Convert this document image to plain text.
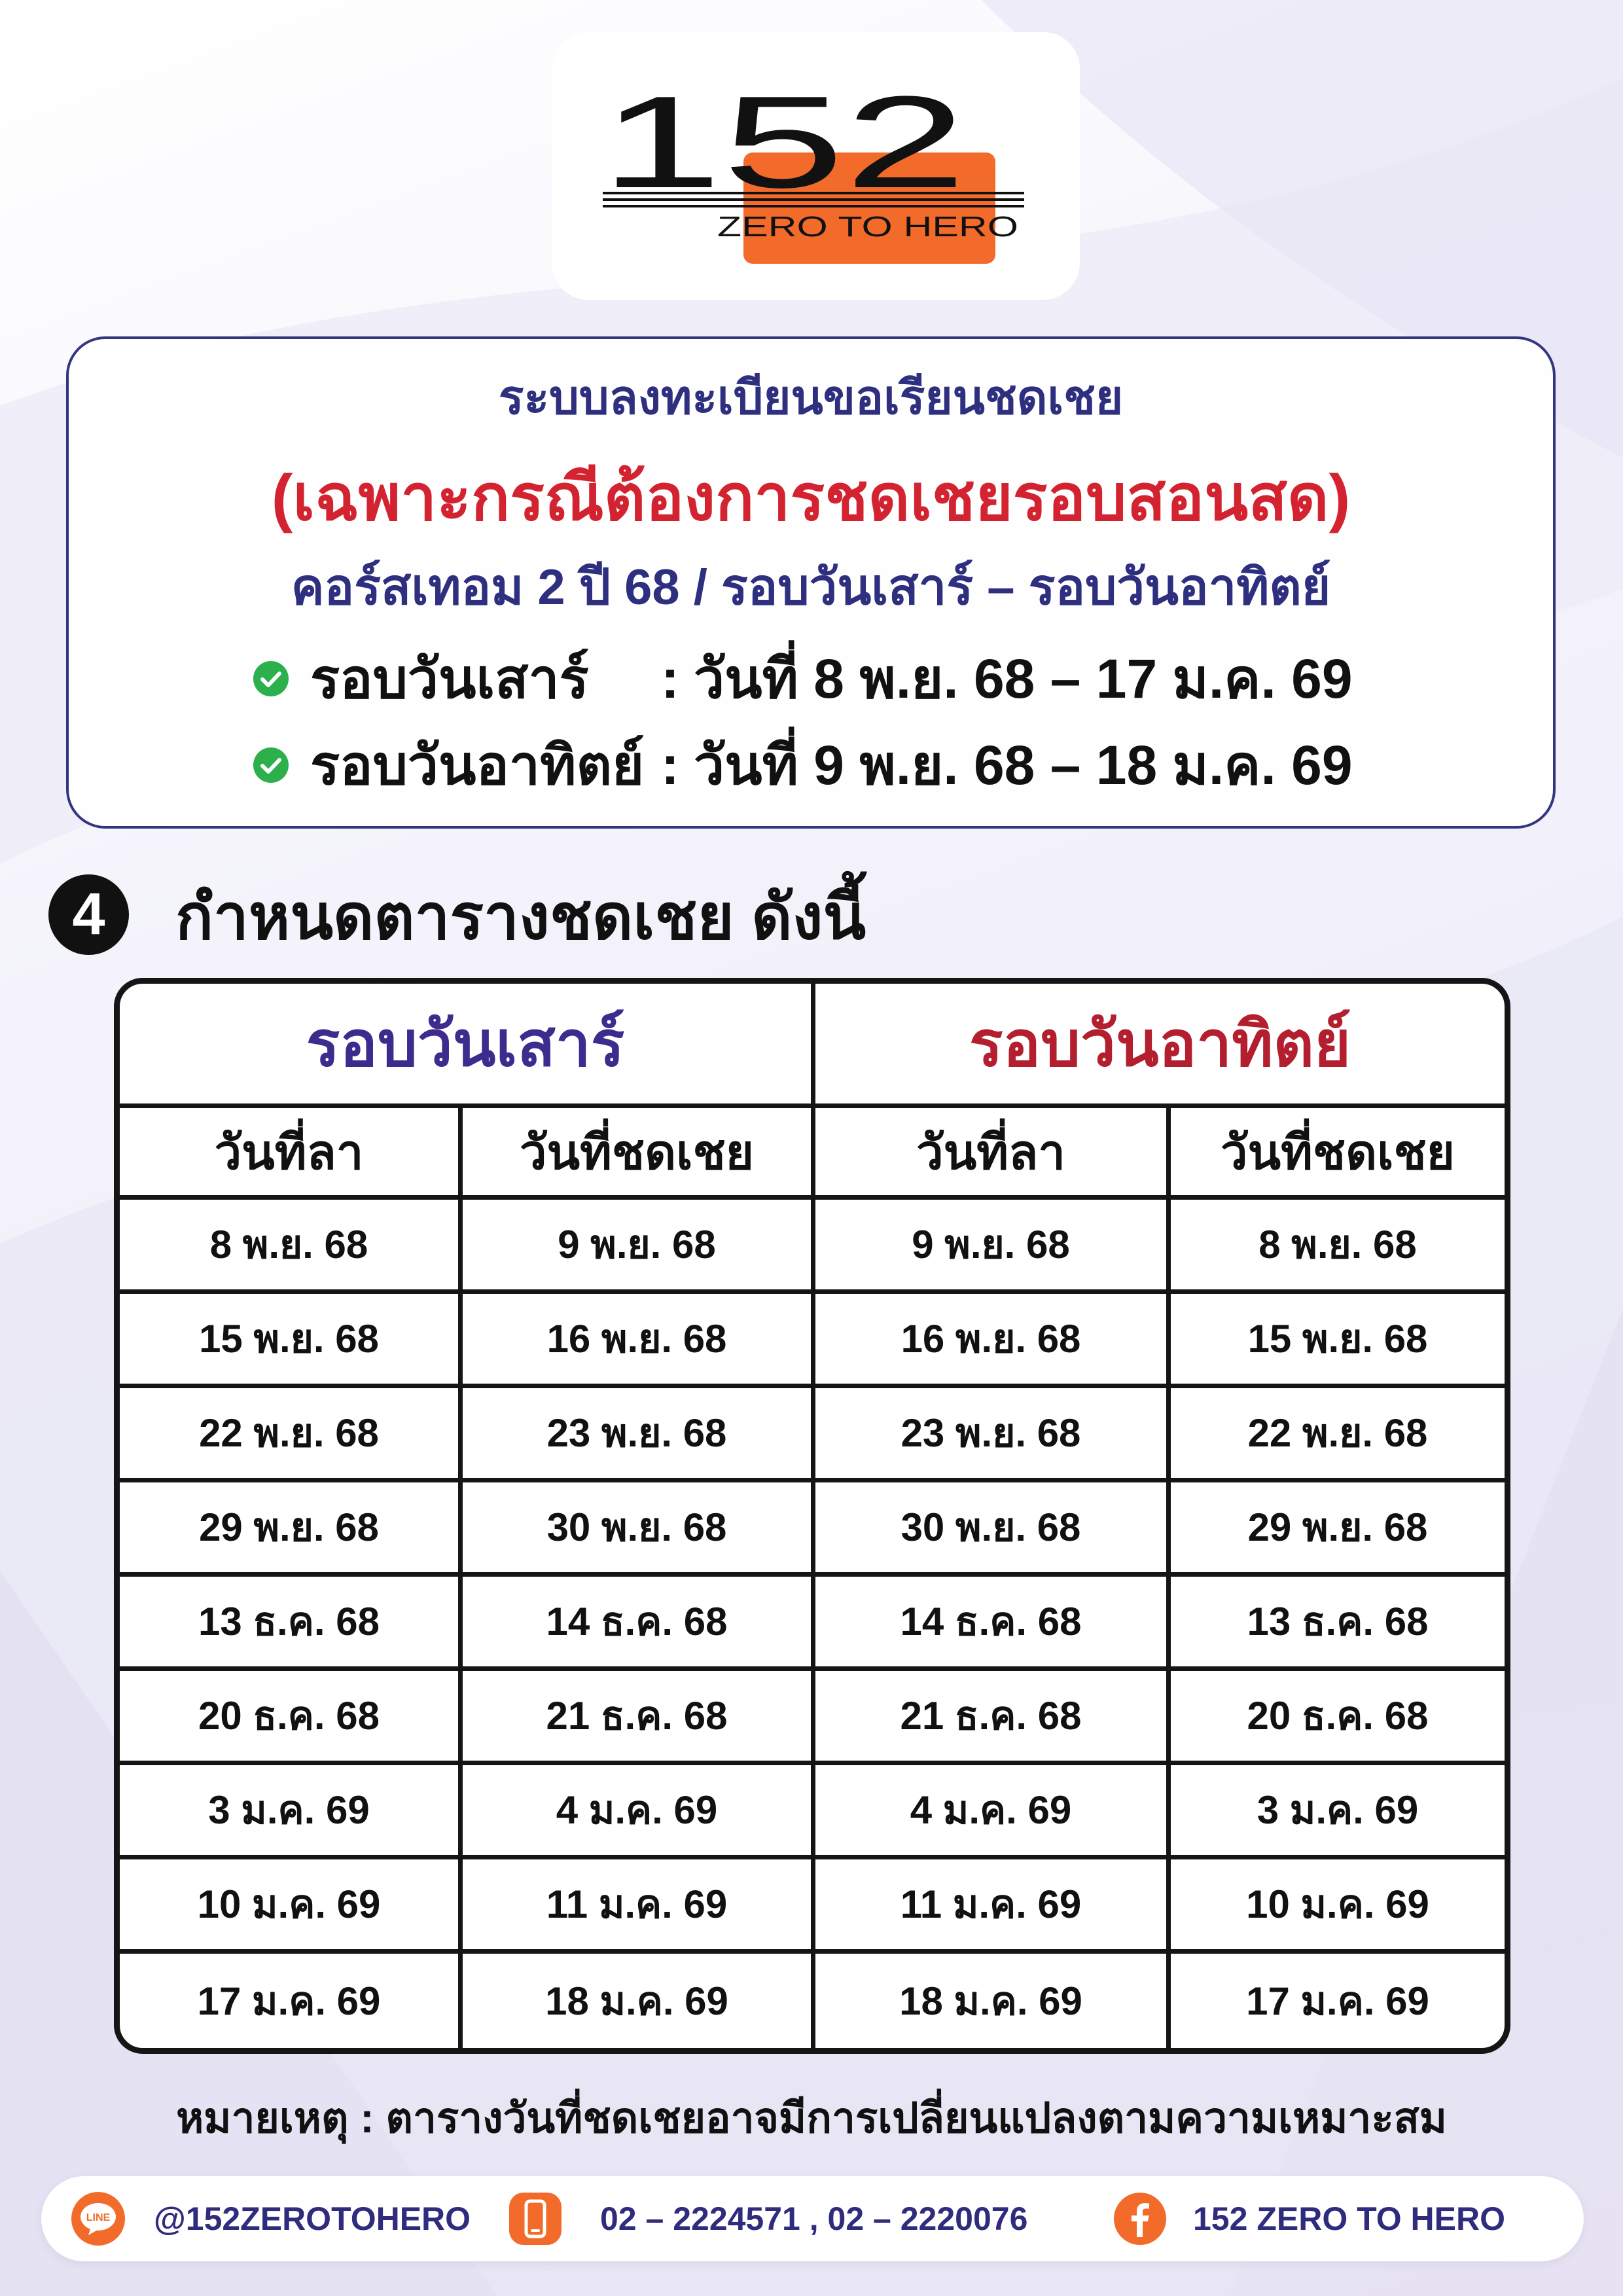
152
ZERO TO HERO
ระบบลงทะเบียนขอเรียนชดเชย
(เฉพาะกรณีต้องการชดเชยรอบสอนสด)
คอร์สเทอม 2 ปี 68 / รอบวันเสาร์ – รอบวันอาทิตย์
รอบวันเสาร์ : วันที่ 8 พ.ย. 68 – 17 ม.ค. 69
รอบวันอาทิตย์ : วันที่ 9 พ.ย. 68 – 18 ม.ค. 69
4	กำหนดตารางชดเชย ดังนี้
รอบวันเสาร์	รอบวันอาทิตย์
วันที่ลา	วันที่ชดเชย	วันที่ลา	วันที่ชดเชย
8 พ.ย. 68	9 พ.ย. 68	9 พ.ย. 68	8 พ.ย. 68
15 พ.ย. 68	16 พ.ย. 68	16 พ.ย. 68	15 พ.ย. 68
22 พ.ย. 68	23 พ.ย. 68	23 พ.ย. 68	22 พ.ย. 68
29 พ.ย. 68	30 พ.ย. 68	30 พ.ย. 68	29 พ.ย. 68
13 ธ.ค. 68	14 ธ.ค. 68	14 ธ.ค. 68	13 ธ.ค. 68
20 ธ.ค. 68	21 ธ.ค. 68	21 ธ.ค. 68	20 ธ.ค. 68
3 ม.ค. 69	4 ม.ค. 69	4 ม.ค. 69	3 ม.ค. 69
10 ม.ค. 69	11 ม.ค. 69	11 ม.ค. 69	10 ม.ค. 69
17 ม.ค. 69	18 ม.ค. 69	18 ม.ค. 69	17 ม.ค. 69
หมายเหตุ : ตารางวันที่ชดเชยอาจมีการเปลี่ยนแปลงตามความเหมาะสม
LINE @152ZEROTOHERO	02 – 2224571 , 02 – 2220076	152 ZERO TO HERO
